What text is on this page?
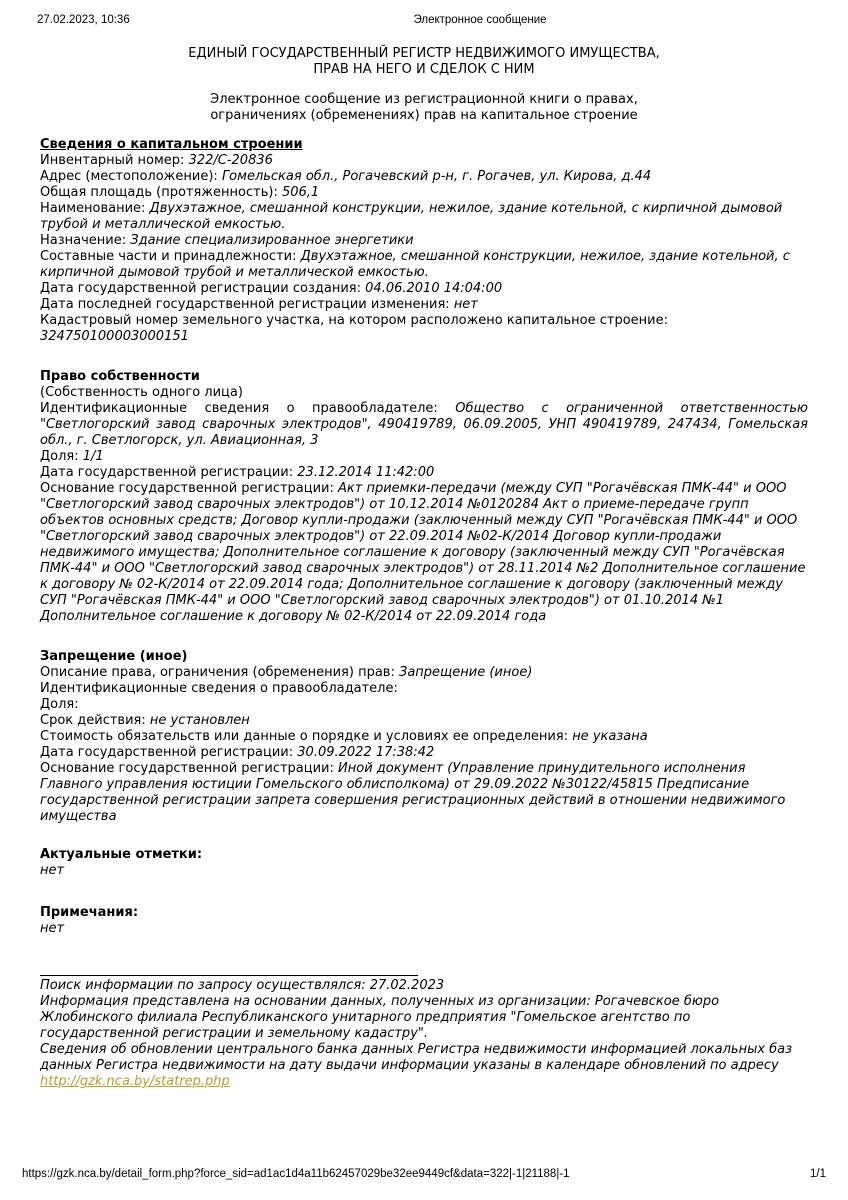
27.02.2023, 10:36	Электронное сообщение
ЕДИНЫЙ ГОСУДАРСТВЕННЫЙ РЕГИСТР НЕДВИЖИМОГО ИМУЩЕСТВА,
ПРАВ НА НЕГО И СДЕЛОК С НИМ
Электронное сообщение из регистрационной книги о правах,
ограничениях (обременениях) прав на капитальное строение

Сведения о капитальном строении

Инвентарный номер: 322/С-20836

Адрес (местоположение): Гомельская обл., Рогачевский р-н, г. Рогачев, ул. Кирова, д.44

Общая площадь (протяженность): 506,1

Наименование: Двухэтажное, смешанной конструкции, нежилое, здание котельной, с кирпичной дымовой трубой и металлической емкостью.

Назначение: Здание специализированное энергетики

Составные части и принадлежности: Двухэтажное, смешанной конструкции, нежилое, здание котельной, с кирпичной дымовой трубой и металлической емкостью.

Дата государственной регистрации создания: 04.06.2010 14:04:00

Дата последней государственной регистрации изменения: нет

Кадастровый номер земельного участка, на котором расположено капитальное строение: 324750100003000151

Право собственности

(Собственность одного лица)

Идентификационные сведения о правообладателе: Общество с ограниченной ответственностью "Светлогорский завод сварочных электродов", 490419789, 06.09.2005, УНП 490419789, 247434, Гомельская обл., г. Светлогорск, ул. Авиационная, 3

Доля: 1/1

Дата государственной регистрации: 23.12.2014 11:42:00

Основание государственной регистрации: Акт приемки-передачи (между СУП "Рогачёвская ПМК-44" и ООО "Светлогорский завод сварочных электродов") от 10.12.2014 №0120284 Акт о приеме-передаче групп объектов основных средств; Договор купли-продажи (заключенный между СУП "Рогачёвская ПМК-44" и ООО "Светлогорский завод сварочных электродов") от 22.09.2014 №02-К/2014 Договор купли-продажи недвижимого имущества; Дополнительное соглашение к договору (заключенный между СУП "Рогачёвская ПМК-44" и ООО "Светлогорский завод сварочных электродов") от 28.11.2014 №2 Дополнительное соглашение к договору № 02-К/2014 от 22.09.2014 года; Дополнительное соглашение к договору (заключенный между СУП "Рогачёвская ПМК-44" и ООО "Светлогорский завод сварочных электродов") от 01.10.2014 №1 Дополнительное соглашение к договору № 02-К/2014 от 22.09.2014 года

Запрещение (иное)

Описание права, ограничения (обременения) прав: Запрещение (иное)

Идентификационные сведения о правообладателе:

Доля:

Срок действия: не установлен

Стоимость обязательств или данные о порядке и условиях ее определения: не указана

Дата государственной регистрации: 30.09.2022 17:38:42

Основание государственной регистрации: Иной документ (Управление принудительного исполнения Главного управления юстиции Гомельского облисполкома) от 29.09.2022 №30122/45815 Предписание государственной регистрации запрета совершения регистрационных действий в отношении недвижимого имущества

Актуальные отметки:

нет

Примечания:

нет

Поиск информации по запросу осуществлялся: 27.02.2023

Информация представлена на основании данных, полученных из организации: Рогачевское бюро Жлобинского филиала Республиканского унитарного предприятия "Гомельское агентство по государственной регистрации и земельному кадастру".

Сведения об обновлении центрального банка данных Регистра недвижимости информацией локальных баз данных Регистра недвижимости на дату выдачи информации указаны в календаре обновлений по адресу

http://gzk.nca.by/statrep.php

https://gzk.nca.by/detail_form.php?force_sid=ad1ac1d4a11b62457029be32ee9449cf&data=322|-1|21188|-1	1/1
